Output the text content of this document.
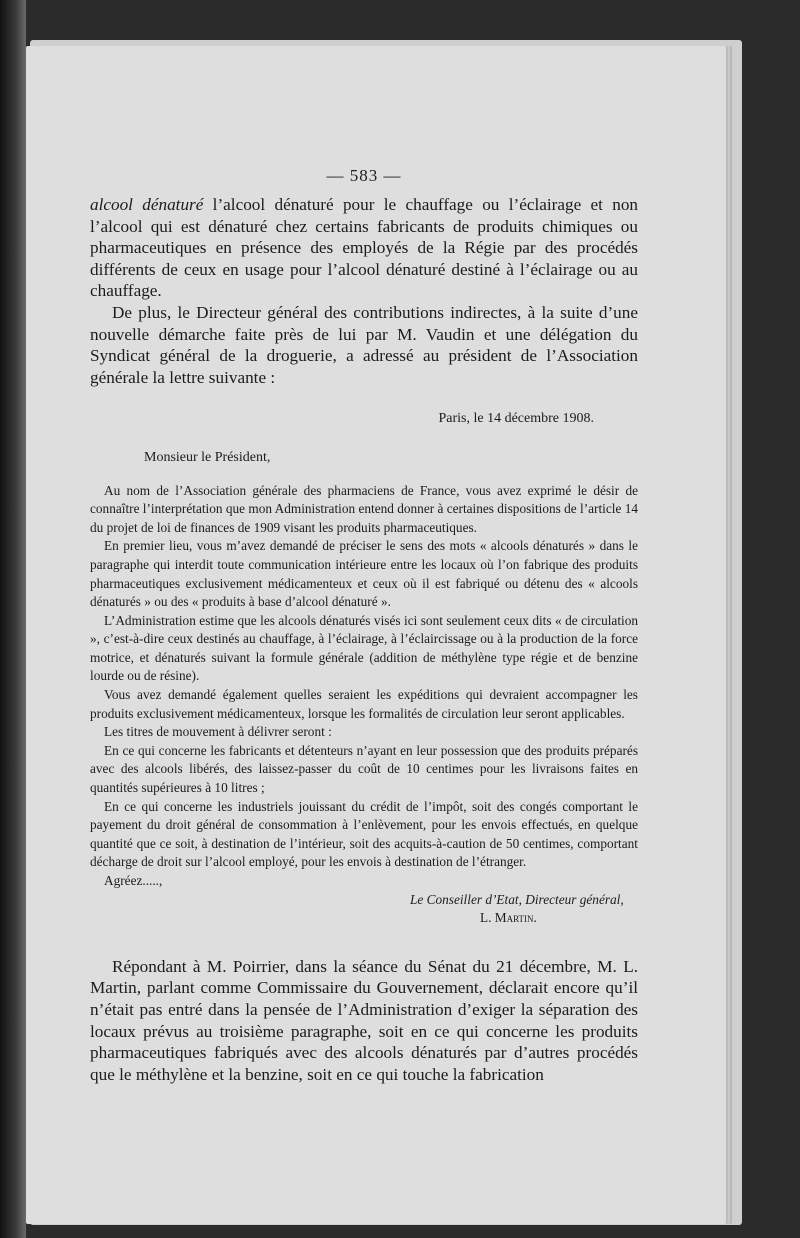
— 583 —

alcool dénaturé l’alcool dénaturé pour le chauffage ou l’éclairage et non l’alcool qui est dénaturé chez certains fabricants de produits chimiques ou pharmaceutiques en présence des employés de la Régie par des procédés différents de ceux en usage pour l’alcool dénaturé destiné à l’éclairage ou au chauffage.

De plus, le Directeur général des contributions indirectes, à la suite d’une nouvelle démarche faite près de lui par M. Vaudin et une délégation du Syndicat général de la droguerie, a adressé au président de l’Association générale la lettre suivante :

Paris, le 14 décembre 1908.

Monsieur le Président,

Au nom de l’Association générale des pharmaciens de France, vous avez exprimé le désir de connaître l’interprétation que mon Administration entend donner à certaines dispositions de l’article 14 du projet de loi de finances de 1909 visant les produits pharmaceutiques.

En premier lieu, vous m’avez demandé de préciser le sens des mots « alcools dénaturés » dans le paragraphe qui interdit toute communication intérieure entre les locaux où l’on fabrique des produits pharmaceutiques exclusivement médicamenteux et ceux où il est fabriqué ou détenu des « alcools dénaturés » ou des « produits à base d’alcool dénaturé ».

L’Administration estime que les alcools dénaturés visés ici sont seulement ceux dits « de circulation », c’est-à-dire ceux destinés au chauffage, à l’éclairage, à l’éclaircissage ou à la production de la force motrice, et dénaturés suivant la formule générale (addition de méthylène type régie et de benzine lourde ou de résine).

Vous avez demandé également quelles seraient les expéditions qui devraient accompagner les produits exclusivement médicamenteux, lorsque les formalités de circulation leur seront applicables.

Les titres de mouvement à délivrer seront :

En ce qui concerne les fabricants et détenteurs n’ayant en leur possession que des produits préparés avec des alcools libérés, des laissez-passer du coût de 10 centimes pour les livraisons faites en quantités supérieures à 10 litres ;

En ce qui concerne les industriels jouissant du crédit de l’impôt, soit des congés comportant le payement du droit général de consommation à l’enlèvement, pour les envois effectués, en quelque quantité que ce soit, à destination de l’intérieur, soit des acquits-à-caution de 50 centimes, comportant décharge de droit sur l’alcool employé, pour les envois à destination de l’étranger.

Agréez.....,

Le Conseiller d’Etat, Directeur général,

L. Martin.

Répondant à M. Poirrier, dans la séance du Sénat du 21 décembre, M. L. Martin, parlant comme Commissaire du Gouvernement, déclarait encore qu’il n’était pas entré dans la pensée de l’Administration d’exiger la séparation des locaux prévus au troisième paragraphe, soit en ce qui concerne les produits pharmaceutiques fabriqués avec des alcools dénaturés par d’autres procédés que le méthylène et la benzine, soit en ce qui touche la fabrication
